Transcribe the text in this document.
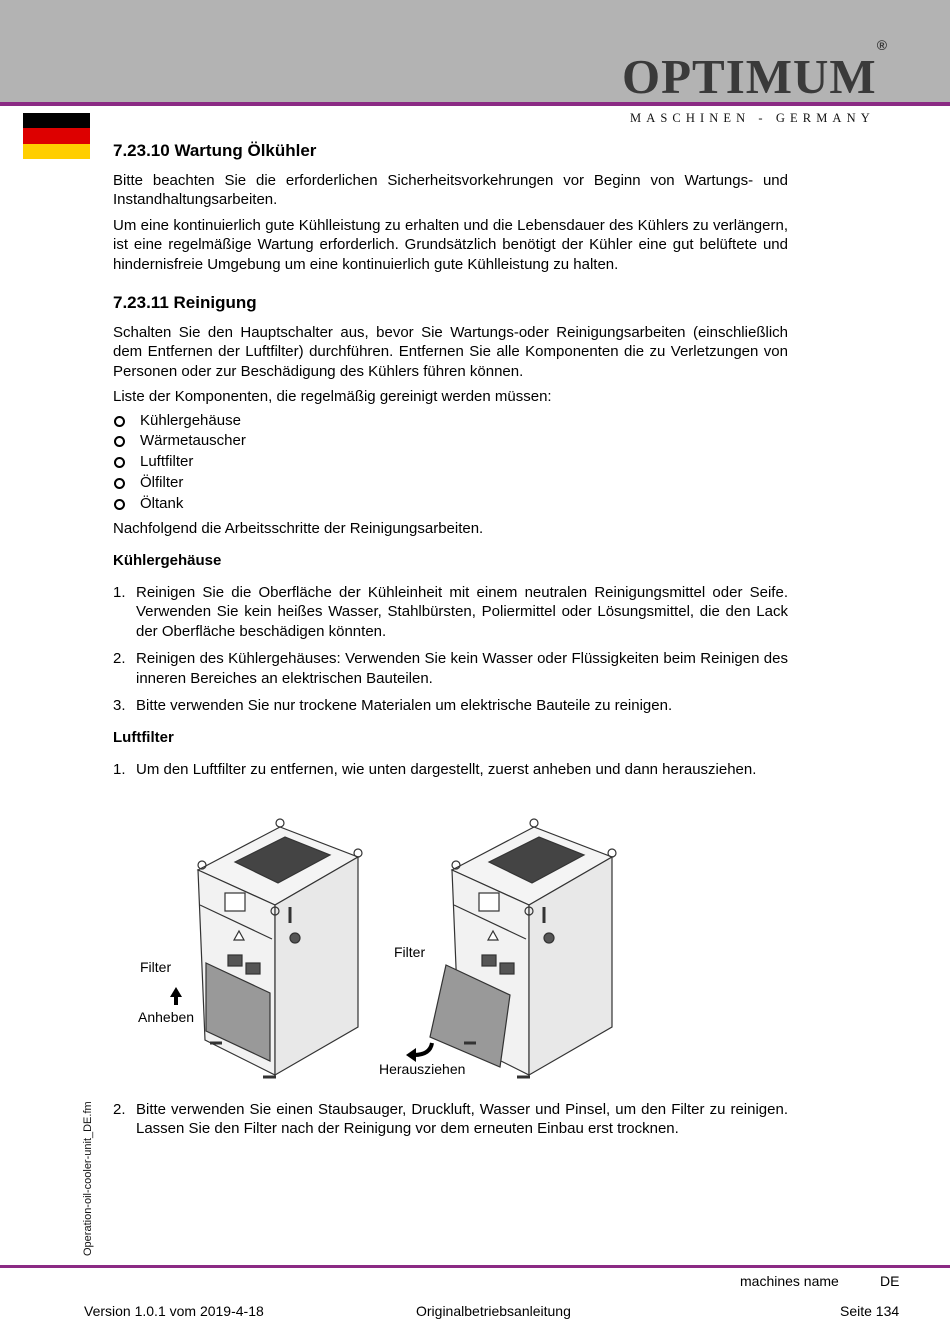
OPTIMUM®
MASCHINEN - GERMANY
7.23.10 Wartung Ölkühler

Bitte beachten Sie die erforderlichen Sicherheitsvorkehrungen vor Beginn von Wartungs- und Instandhaltungsarbeiten.

Um eine kontinuierlich gute Kühlleistung zu erhalten und die Lebensdauer des Kühlers zu verlängern, ist eine regelmäßige Wartung erforderlich. Grundsätzlich benötigt der Kühler eine gut belüftete und hindernisfreie Umgebung um eine kontinuierlich gute Kühlleistung zu halten.

7.23.11 Reinigung

Schalten Sie den Hauptschalter aus, bevor Sie Wartungs-oder Reinigungsarbeiten (einschließlich dem Entfernen der Luftfilter) durchführen. Entfernen Sie alle Komponenten die zu Verletzungen von Personen oder zur Beschädigung des Kühlers führen können.

Liste der Komponenten, die regelmäßig gereinigt werden müssen:

Kühlergehäuse
Wärmetauscher
Luftfilter
Ölfilter
Öltank

Nachfolgend die Arbeitsschritte der Reinigungsarbeiten.

Kühlergehäuse
1. Reinigen Sie die Oberfläche der Kühleinheit mit einem neutralen Reinigungsmittel oder Seife. Verwenden Sie kein heißes Wasser, Stahlbürsten, Poliermittel oder Lösungsmittel, die den Lack der Oberfläche beschädigen könnten.
2. Reinigen des Kühlergehäuses: Verwenden Sie kein Wasser oder Flüssigkeiten beim Reinigen des inneren Bereiches an elektrischen Bauteilen.
3. Bitte verwenden Sie nur trockene Materialen um elektrische Bauteile zu reinigen.
Luftfilter
1. Um den Luftfilter zu entfernen, wie unten dargestellt, zuerst anheben und dann herausziehen.
Filter
Anheben
Filter
Herausziehen
2. Bitte verwenden Sie einen Staubsauger, Druckluft, Wasser und Pinsel, um den Filter zu reinigen. Lassen Sie den Filter nach der Reinigung vor dem erneuten Einbau erst trocknen.
Operation-oil-cooler-unit_DE.fm
machines name	DE
Version 1.0.1 vom 2019-4-18	Originalbetriebsanleitung	Seite 134
